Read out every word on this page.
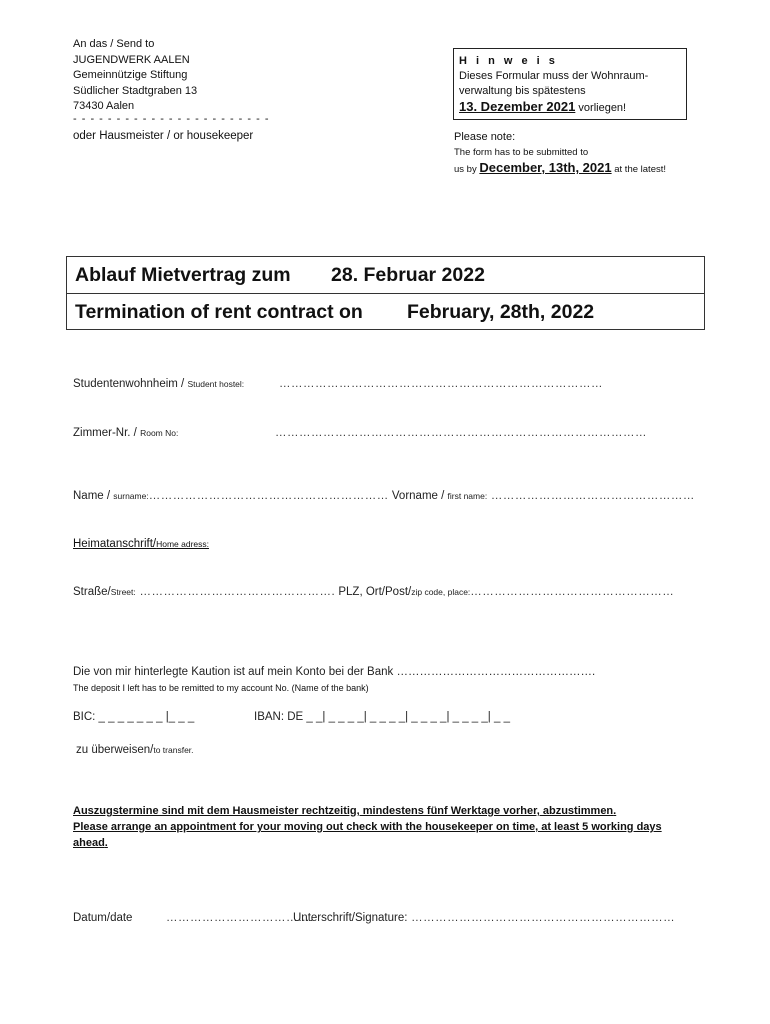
An das / Send to
JUGENDWERK AALEN
Gemeinnützige Stiftung
Südlicher Stadtgraben 13
73430 Aalen
- - - - - - - - - - - - - - - - - - - - - - -
oder Hausmeister / or housekeeper
H i n w e i s
Dieses Formular muss der Wohnraum-verwaltung bis spätestens
13. Dezember 2021 vorliegen!
Please note:
The form has to be submitted to
us by December, 13th, 2021 at the latest!
Ablauf Mietvertrag zum 28. Februar 2022
Termination of rent contract on February, 28th, 2022
Studentenwohnheim / Student hostel:	………………………………………………………………………
Zimmer-Nr. / Room No:	…………………………………………………………………………………
Name / surname:…………………………………………………… Vorname / first name: ……………………………………………
Heimatanschrift/Home adress:
Straße/Street: …………………………………………. PLZ, Ort/Post/zip code, place:……………………………………………
Die von mir hinterlegte Kaution ist auf mein Konto bei der Bank …………………………………………….
The deposit I left has to be remitted to my account No. (Name of the bank)
BIC: _ _ _ _ _ _ _ |_ _ _	IBAN: DE _ _| _ _ _ _| _ _ _ _| _ _ _ _| _ _ _ _| _ _
zu überweisen/to transfer.
Auszugstermine sind mit dem Hausmeister rechtzeitig, mindestens fünf Werktage vorher, abzustimmen.
Please arrange an appointment for your moving out check with the housekeeper on time, at least 5 working days ahead.
Datum/date	……………………………….
Unterschrift/Signature: …………………………………………………………
